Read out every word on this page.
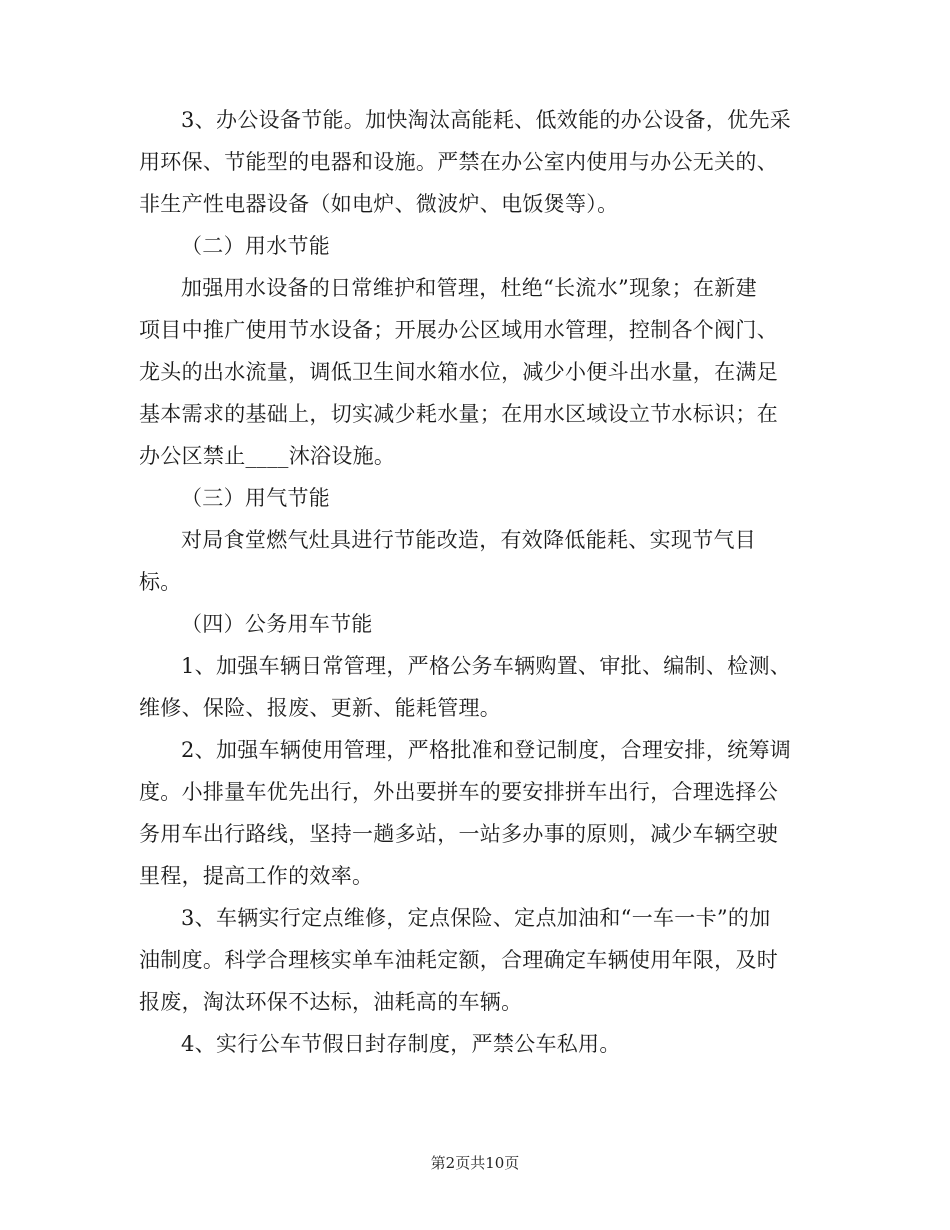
3、办公设备节能。加快淘汰高能耗、低效能的办公设备，优先采
用环保、节能型的电器和设施。严禁在办公室内使用与办公无关的、
非生产性电器设备（如电炉、微波炉、电饭煲等）。
（二）用水节能
加强用水设备的日常维护和管理，杜绝“长流水”现象；在新建
项目中推广使用节水设备；开展办公区域用水管理，控制各个阀门、
龙头的出水流量，调低卫生间水箱水位，减少小便斗出水量，在满足
基本需求的基础上，切实减少耗水量；在用水区域设立节水标识；在
办公区禁止____沐浴设施。
（三）用气节能
对局食堂燃气灶具进行节能改造，有效降低能耗、实现节气目
标。
（四）公务用车节能
1、加强车辆日常管理，严格公务车辆购置、审批、编制、检测、
维修、保险、报废、更新、能耗管理。
2、加强车辆使用管理，严格批准和登记制度，合理安排，统筹调
度。小排量车优先出行，外出要拼车的要安排拼车出行，合理选择公
务用车出行路线，坚持一趟多站，一站多办事的原则，减少车辆空驶
里程，提高工作的效率。
3、车辆实行定点维修，定点保险、定点加油和“一车一卡”的加
油制度。科学合理核实单车油耗定额，合理确定车辆使用年限，及时
报废，淘汰环保不达标，油耗高的车辆。
4、实行公车节假日封存制度，严禁公车私用。
第2页共10页
